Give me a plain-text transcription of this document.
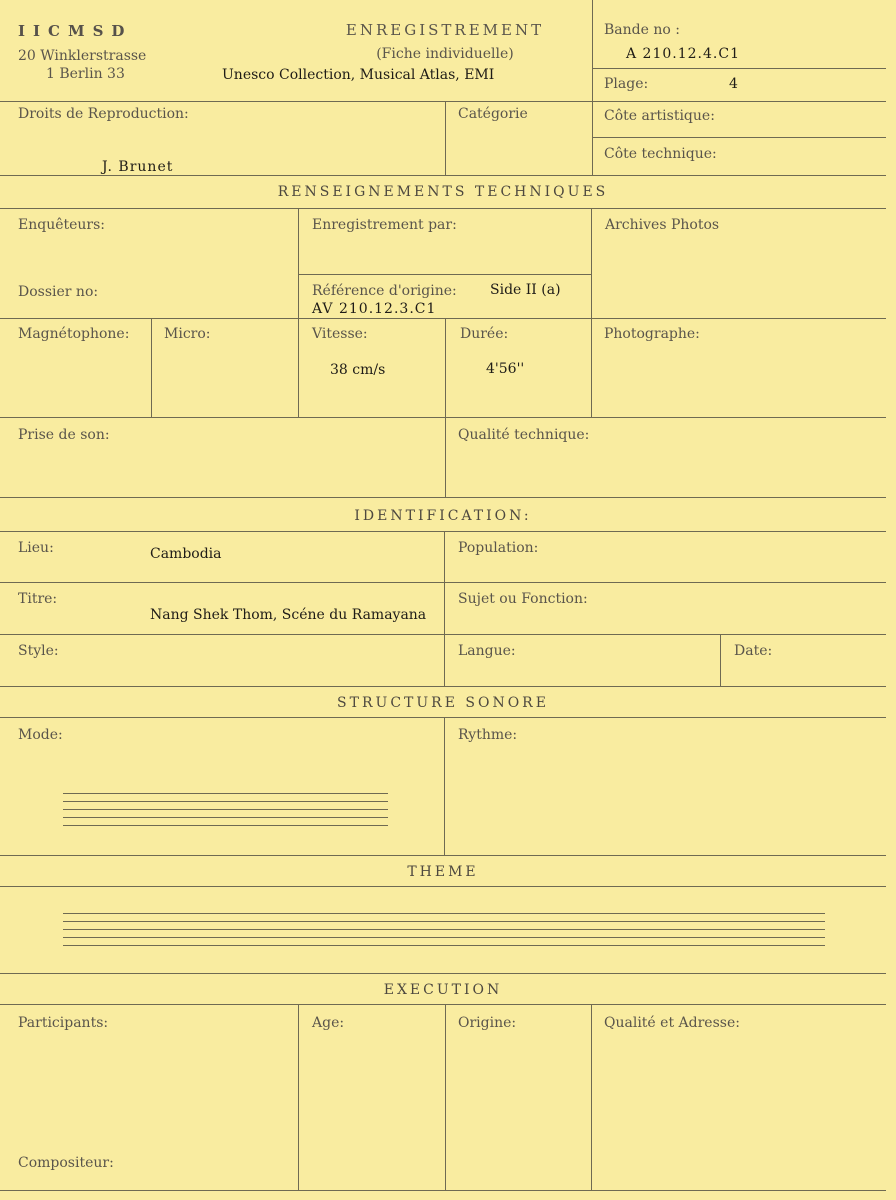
IICMSD
20 Winklerstrasse
1 Berlin 33
ENREGISTREMENT
(Fiche individuelle)
Unesco Collection, Musical Atlas, EMI
Bande no :
A 210.12.4.C1
Plage:	4
Droits de Reproduction:
J. Brunet
Catégorie	Côte artistique:
Côte technique:
RENSEIGNEMENTS TECHNIQUES
Enquêteurs:	Enregistrement par:	Archives Photos
Dossier no:	Référence d'origine: Side II (a)
AV 210.12.3.C1
Magnétophone: Micro:	Vitesse:
38 cm/s
Durée:
4'56''
Photographe:
Prise de son:	Qualité technique:
IDENTIFICATION:
Lieu:	Cambodia	Population:
Titre:
Nang Shek Thom, Scéne du Ramayana
Sujet ou Fonction:
Style:	Langue:	Date:
STRUCTURE SONORE
Mode:	Rythme:
THEME
EXECUTION
Participants:	Age:	Origine:	Qualité et Adresse:
Compositeur:
